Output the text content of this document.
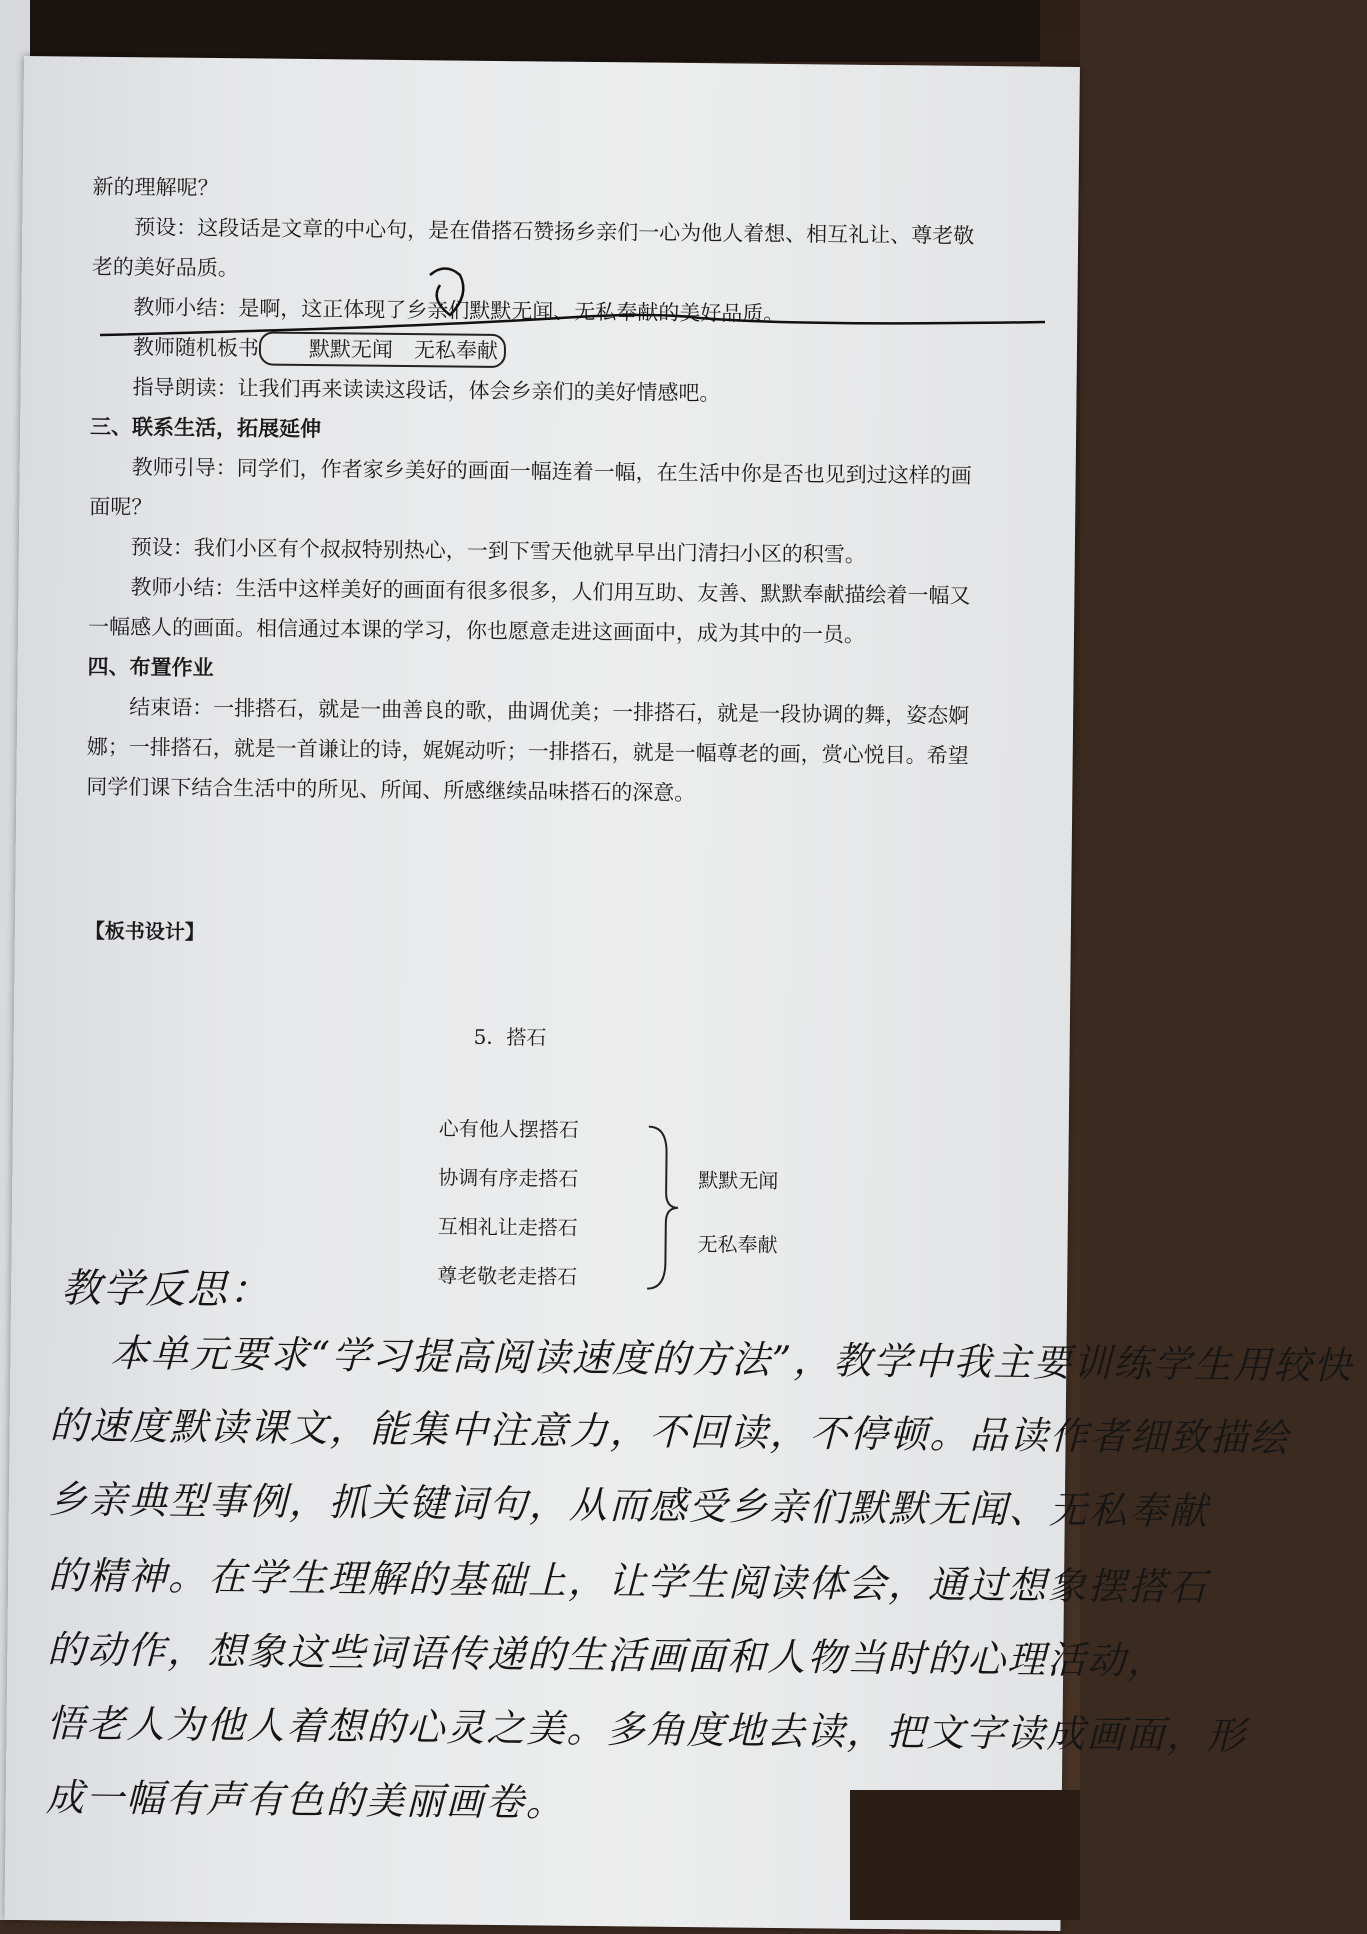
新的理解呢？

预设：这段话是文章的中心句，是在借搭石赞扬乡亲们一心为他人着想、相互礼让、尊老敬老的美好品质。

教师小结：是啊，这正体现了乡亲们默默无闻、无私奉献的美好品质。

教师随机板书 默默无闻　无私奉献

指导朗读：让我们再来读读这段话，体会乡亲们的美好情感吧。

三、联系生活，拓展延伸

教师引导：同学们，作者家乡美好的画面一幅连着一幅，在生活中你是否也见到过这样的画面呢？

预设：我们小区有个叔叔特别热心，一到下雪天他就早早出门清扫小区的积雪。

教师小结：生活中这样美好的画面有很多很多，人们用互助、友善、默默奉献描绘着一幅又一幅感人的画面。相信通过本课的学习，你也愿意走进这画面中，成为其中的一员。

四、布置作业

结束语：一排搭石，就是一曲善良的歌，曲调优美；一排搭石，就是一段协调的舞，姿态婀娜；一排搭石，就是一首谦让的诗，娓娓动听；一排搭石，就是一幅尊老的画，赏心悦目。希望同学们课下结合生活中的所见、所闻、所感继续品味搭石的深意。

【板书设计】
5．搭石
心有他人摆搭石
协调有序走搭石
互相礼让走搭石
尊老敬老走搭石
默默无闻
无私奉献
教学反思：
本单元要求“学习提高阅读速度的方法”，教学中我主要训练学生用较快
的速度默读课文，能集中注意力，不回读，不停顿。品读作者细致描绘
乡亲典型事例，抓关键词句，从而感受乡亲们默默无闻、无私奉献
的精神。在学生理解的基础上，让学生阅读体会，通过想象摆搭石
的动作，想象这些词语传递的生活画面和人物当时的心理活动，
悟老人为他人着想的心灵之美。多角度地去读，把文字读成画面，形
成一幅有声有色的美丽画卷。
